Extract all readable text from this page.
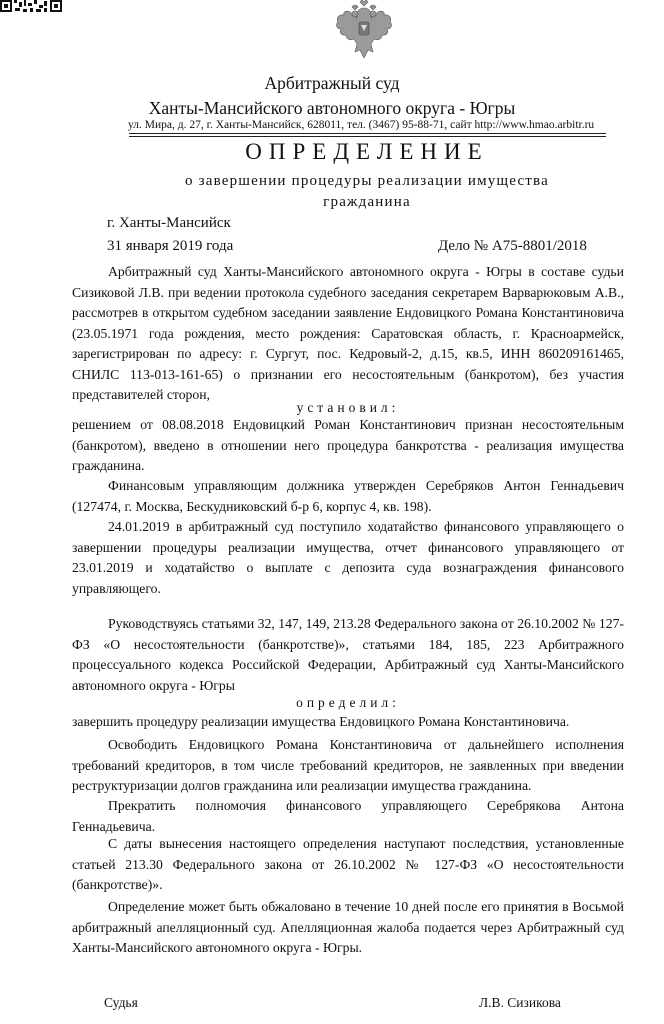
Арбитражный суд
Ханты-Мансийского автономного округа - Югры
ул. Мира, д. 27, г. Ханты-Мансийск, 628011, тел. (3467) 95-88-71, сайт http://www.hmao.arbitr.ru
ОПРЕДЕЛЕНИЕ
о завершении процедуры реализации имущества
гражданина
г. Ханты-Мансийск
31 января 2019 года	Дело № А75-8801/2018
Арбитражный суд Ханты-Мансийского автономного округа - Югры в составе судьи Сизиковой Л.В. при ведении протокола судебного заседания секретарем Варварюковым А.В., рассмотрев в открытом судебном заседании заявление Ендовицкого Романа Константиновича (23.05.1971 года рождения, место рождения: Саратовская область, г. Красноармейск, зарегистрирован по адресу: г. Сургут, пос. Кедровый-2, д.15, кв.5, ИНН 860209161465, СНИЛС 113-013-161-65) о признании его несостоятельным (банкротом), без участия представителей сторон,
установил:
решением от 08.08.2018 Ендовицкий Роман Константинович признан несостоятельным (банкротом), введено в отношении него процедура банкротства - реализация имущества гражданина.
Финансовым управляющим должника утвержден Серебряков Антон Геннадьевич (127474, г. Москва, Бескудниковский б-р 6, корпус 4, кв. 198).
24.01.2019 в арбитражный суд поступило ходатайство финансового управляющего о завершении процедуры реализации имущества, отчет финансового управляющего от 23.01.2019 и ходатайство о выплате с депозита суда вознаграждения финансового управляющего.
Руководствуясь статьями 32, 147, 149, 213.28 Федерального закона от 26.10.2002 № 127-ФЗ «О несостоятельности (банкротстве)», статьями 184, 185, 223 Арбитражного процессуального кодекса Российской Федерации, Арбитражный суд Ханты-Мансийского автономного округа - Югры
определил:
завершить процедуру реализации имущества Ендовицкого Романа Константиновича.
Освободить Ендовицкого Романа Константиновича от дальнейшего исполнения требований кредиторов, в том числе требований кредиторов, не заявленных при введении реструктуризации долгов гражданина или реализации имущества гражданина.
Прекратить полномочия финансового управляющего Серебрякова Антона Геннадьевича.
С даты вынесения настоящего определения наступают последствия, установленные статьей 213.30 Федерального закона от 26.10.2002 № 127-ФЗ «О несостоятельности (банкротстве)».
Определение может быть обжаловано в течение 10 дней после его принятия в Восьмой арбитражный апелляционный суд. Апелляционная жалоба подается через Арбитражный суд Ханты-Мансийского автономного округа - Югры.
Судья	Л.В. Сизикова
